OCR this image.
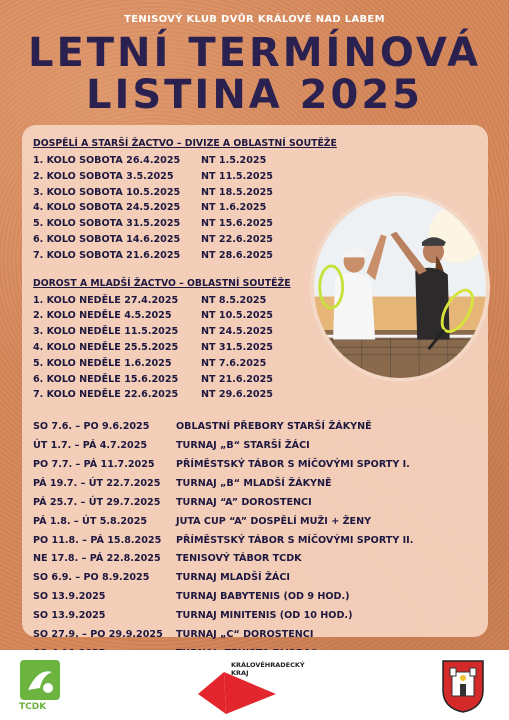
TENISOVÝ KLUB DVŮR KRÁLOVÉ NAD LABEM
LETNÍ TERMÍNOVÁ
LISTINA 2025
DOSPĚLÍ A STARŠÍ ŽACTVO – DIVIZE A OBLASTNÍ SOUTĚŽE
1. KOLO SOBOTA 26.4.2025 NT 1.5.2025
2. KOLO SOBOTA 3.5.2025	NT 11.5.2025
3. KOLO SOBOTA 10.5.2025 NT 18.5.2025
4. KOLO SOBOTA 24.5.2025 NT 1.6.2025
5. KOLO SOBOTA 31.5.2025 NT 15.6.2025
6. KOLO SOBOTA 14.6.2025 NT 22.6.2025
7. KOLO SOBOTA 21.6.2025 NT 28.6.2025
DOROST A MLADŠÍ ŽACTVO – OBLASTNÍ SOUTĚŽE
1. KOLO NEDĚLE 27.4.2025 NT 8.5.2025
2. KOLO NEDĚLE 4.5.2025	NT 10.5.2025
3. KOLO NEDĚLE 11.5.2025 NT 24.5.2025
4. KOLO NEDĚLE 25.5.2025 NT 31.5.2025
5. KOLO NEDĚLE 1.6.2025	NT 7.6.2025
6. KOLO NEDĚLE 15.6.2025 NT 21.6.2025
7. KOLO NEDĚLE 22.6.2025 NT 29.6.2025
SO 7.6. – PO 9.6.2025	OBLASTNÍ PŘEBORY STARŠÍ ŽÁKYNĚ
ÚT 1.7. – PÁ 4.7.2025	TURNAJ „B“ STARŠÍ ŽÁCI
PO 7.7. – PÁ 11.7.2025 PŘÍMĚSTSKÝ TÁBOR S MÍČOVÝMI SPORTY I.
PÁ 19.7. – ÚT 22.7.2025 TURNAJ „B“ MLADŠÍ ŽÁKYNĚ
PÁ 25.7. – ÚT 29.7.2025 TURNAJ “A” DOROSTENCI
PÁ 1.8. – ÚT 5.8.2025	JUTA CUP “A” DOSPĚLÍ MUŽI + ŽENY
PO 11.8. – PÁ 15.8.2025 PŘÍMĚSTSKÝ TÁBOR S MÍČOVÝMI SPORTY II.
NE 17.8. – PÁ 22.8.2025 TENISOVÝ TÁBOR TCDK
SO 6.9. – PO 8.9.2025	TURNAJ MLADŠÍ ŽÁCI
SO 13.9.2025	TURNAJ BABYTENIS (OD 9 HOD.)
SO 13.9.2025	TURNAJ MINITENIS (OD 10 HOD.)
SO 27.9. – PO 29.9.2025 TURNAJ „C“ DOROSTENCI
TCDK
KRÁLOVÉHRADECKÝ
KRAJ
